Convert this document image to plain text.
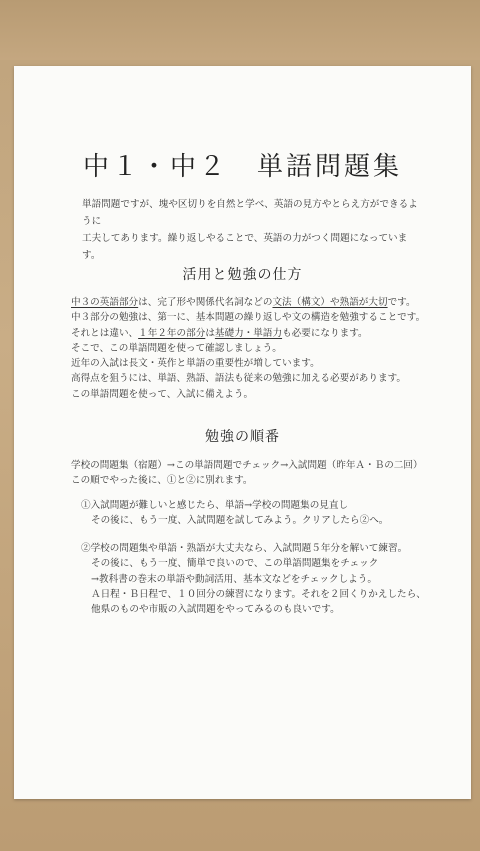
中１・中２　単語問題集

単語問題ですが、塊や区切りを自然と学べ、英語の見方やとらえ方ができるように

工夫してあります。繰り返しやることで、英語の力がつく問題になっています。

活用と勉強の仕方

中３の英語部分は、完了形や関係代名詞などの文法（構文）や熟語が大切です。

中３部分の勉強は、第一に、基本問題の繰り返しや文の構造を勉強することです。

それとは違い、１年２年の部分は基礎力・単語力も必要になります。

そこで、この単語問題を使って確認しましょう。

近年の入試は長文・英作と単語の重要性が増しています。

高得点を狙うには、単語、熟語、語法も従来の勉強に加える必要があります。

この単語問題を使って、入試に備えよう。

勉強の順番

学校の問題集（宿題）→この単語問題でチェック→入試問題（昨年Ａ・Ｂの二回）

この順でやった後に、①と②に別れます。

①入試問題が難しいと感じたら、単語→学校の問題集の見直し

その後に、もう一度、入試問題を試してみよう。クリアしたら②へ。

②学校の問題集や単語・熟語が大丈夫なら、入試問題５年分を解いて練習。

その後に、もう一度、簡単で良いので、この単語問題集をチェック

→教科書の巻末の単語や動詞活用、基本文などをチェックしよう。

Ａ日程・Ｂ日程で、１０回分の練習になります。それを２回くりかえしたら、

他県のものや市販の入試問題をやってみるのも良いです。
